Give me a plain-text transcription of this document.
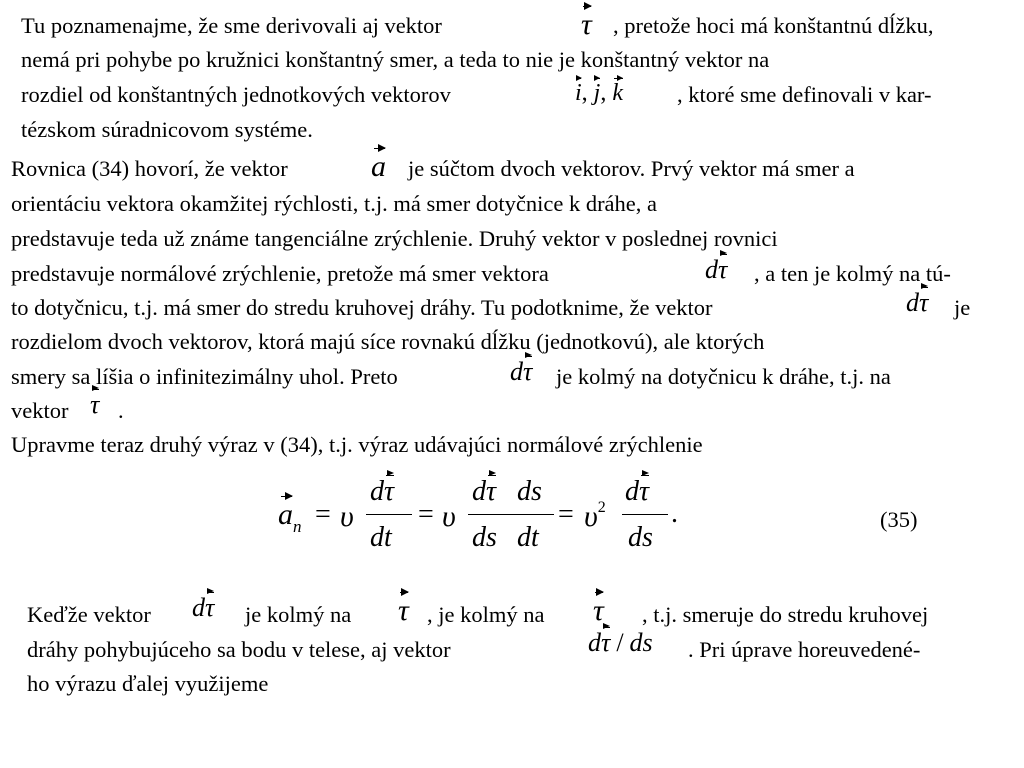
Tu poznamenajme, že sme derivovali aj vektor	τ , pretože hoci má konštantnú dĺžku,
nemá pri pohybe po kružnici konštantný smer, a teda to nie je konštantný vektor na
rozdiel od konštantných jednotkových vektorov	i, j, k , ktoré sme definovali v kar-
tézskom súradnicovom systéme.
Rovnica (34) hovorí, že vektor	a je súčtom dvoch vektorov. Prvý vektor má smer a
orientáciu vektora okamžitej rýchlosti, t.j. má smer dotyčnice k dráhe, a
predstavuje teda už známe tangenciálne zrýchlenie. Druhý vektor v poslednej rovnici
predstavuje normálové zrýchlenie, pretože má smer vektora	dτ , a ten je kolmý na tú-
to dotyčnicu, t.j. má smer do stredu kruhovej dráhy. Tu podotknime, že vektor	dτ je
rozdielom dvoch vektorov, ktorá majú síce rovnakú dĺžku (jednotkovú), ale ktorých
smery sa líšia o infinitezimálny uhol. Preto	dτ je kolmý na dotyčnicu k dráhe, t.j. na
vektor τ .
Upravme teraz druhý výraz v (34), t.j. výraz udávajúci normálové zrýchlenie
$a_n = \upsilon$
dτ
dt
= υ
dτ
ds
ds
dt
= $\upsilon^2$
dτ
ds
.	(35)
Keďže vektor dτ je kolmý na τ , je kolmý na τ , t.j. smeruje do stredu kruhovej
dráhy pohybujúceho sa bodu v telese, aj vektor	dτ / ds . Pri úprave horeuvedené-
ho výrazu ďalej využijeme
